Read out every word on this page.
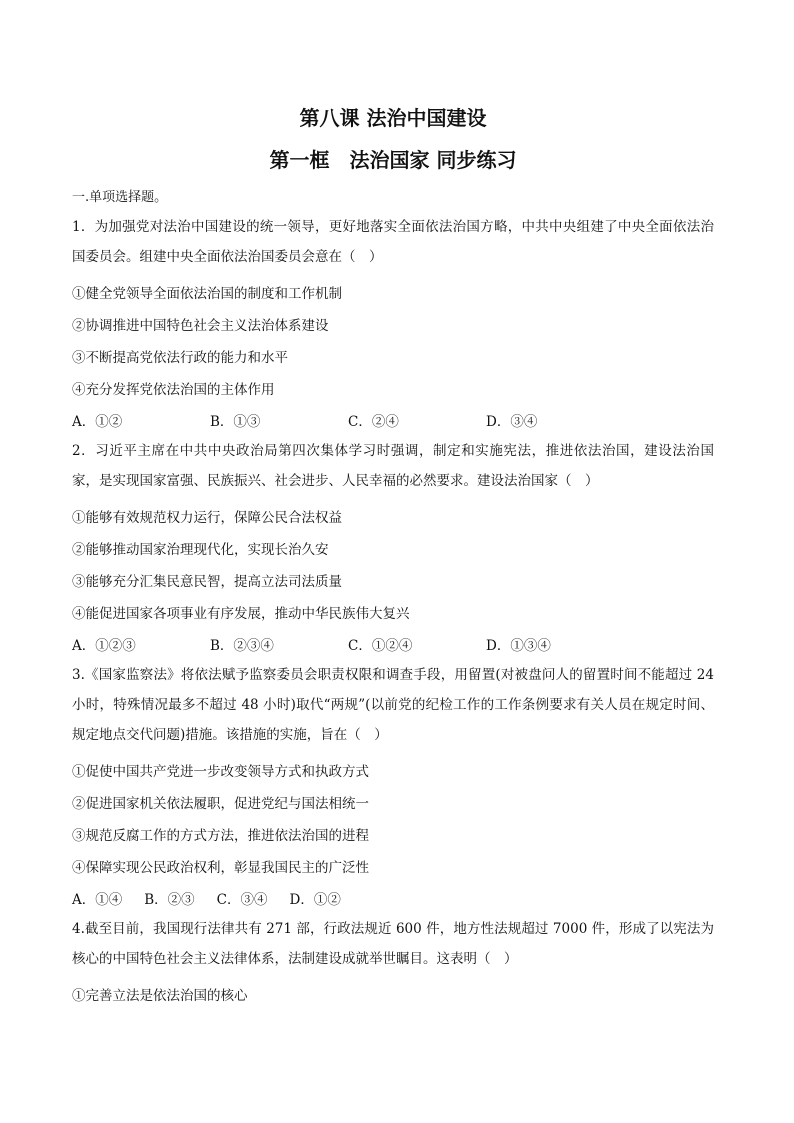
第八课 法治中国建设
第一框　法治国家 同步练习
一.单项选择题。

1．为加强党对法治中国建设的统一领导，更好地落实全面依法治国方略，中共中央组建了中央全面依法治国委员会。组建中央全面依法治国委员会意在（　）

①健全党领导全面依法治国的制度和工作机制
②协调推进中国特色社会主义法治体系建设
③不断提高党依法行政的能力和水平
④充分发挥党依法治国的主体作用
A．①②	B．①③	C．②④	D．③④

2．习近平主席在中共中央政治局第四次集体学习时强调，制定和实施宪法，推进依法治国，建设法治国家，是实现国家富强、民族振兴、社会进步、人民幸福的必然要求。建设法治国家（　）

①能够有效规范权力运行，保障公民合法权益
②能够推动国家治理现代化，实现长治久安
③能够充分汇集民意民智，提高立法司法质量
④能促进国家各项事业有序发展，推动中华民族伟大复兴
A．①②③	B．②③④	C．①②④	D．①③④

3.《国家监察法》将依法赋予监察委员会职责权限和调查手段，用留置(对被盘问人的留置时间不能超过 24 小时，特殊情况最多不超过 48 小时)取代“两规”(以前党的纪检工作的工作条例要求有关人员在规定时间、规定地点交代问题)措施。该措施的实施，旨在（　）

①促使中国共产党进一步改变领导方式和执政方式
②促进国家机关依法履职，促进党纪与国法相统一
③规范反腐工作的方式方法，推进依法治国的进程
④保障实现公民政治权利，彰显我国民主的广泛性
A．①④ B．②③ C．③④ D．①②

4.截至目前，我国现行法律共有 271 部，行政法规近 600 件，地方性法规超过 7000 件，形成了以宪法为核心的中国特色社会主义法律体系，法制建设成就举世瞩目。这表明（　）

①完善立法是依法治国的核心
